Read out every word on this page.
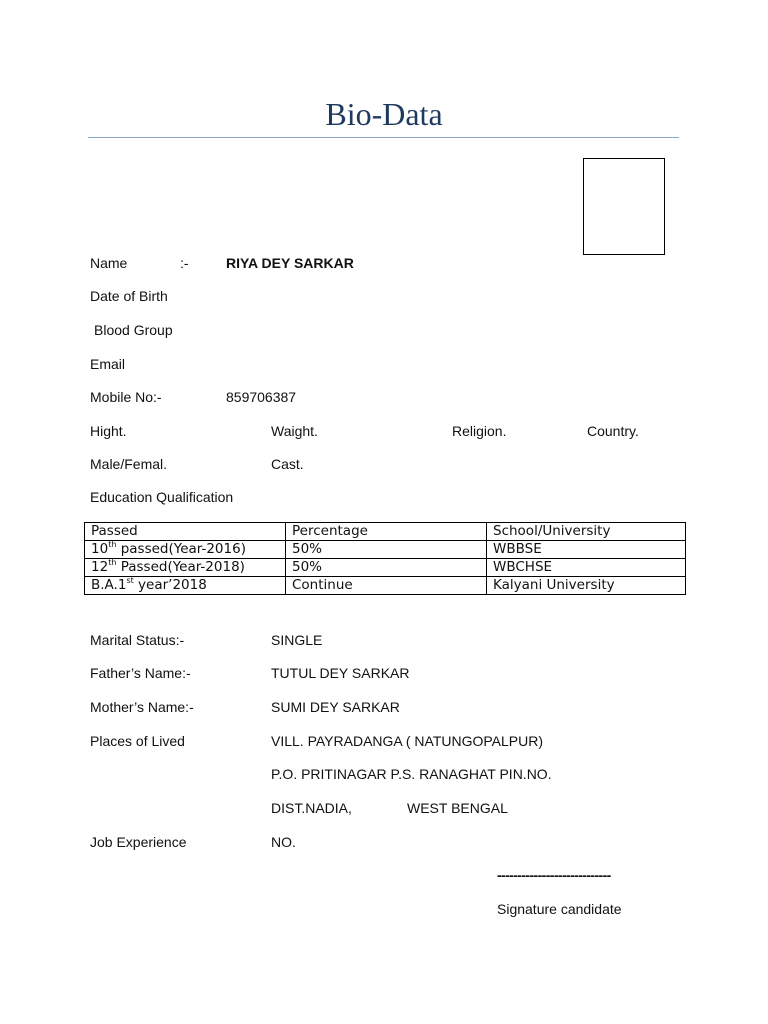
Bio-Data
Name	:-	RIYA DEY SARKAR
Date of Birth
Blood Group
Email
Mobile No:-	859706387
Hight.	Waight.	Religion.	Country.
Male/Femal.	Cast.
Education Qualification
Passed	Percentage	School/University
10th passed(Year-2016)	50%	WBBSE
12th Passed(Year-2018)	50%	WBCHSE
B.A.1st year’2018	Continue	Kalyani University
Marital Status:-	SINGLE
Father’s Name:-	TUTUL DEY SARKAR
Mother’s Name:-	SUMI DEY SARKAR
Places of Lived	VILL. PAYRADANGA ( NATUNGOPALPUR)
P.O. PRITINAGAR P.S. RANAGHAT PIN.NO.
DIST.NADIA,	WEST BENGAL
Job Experience	NO.
----------------------------
Signature candidate
